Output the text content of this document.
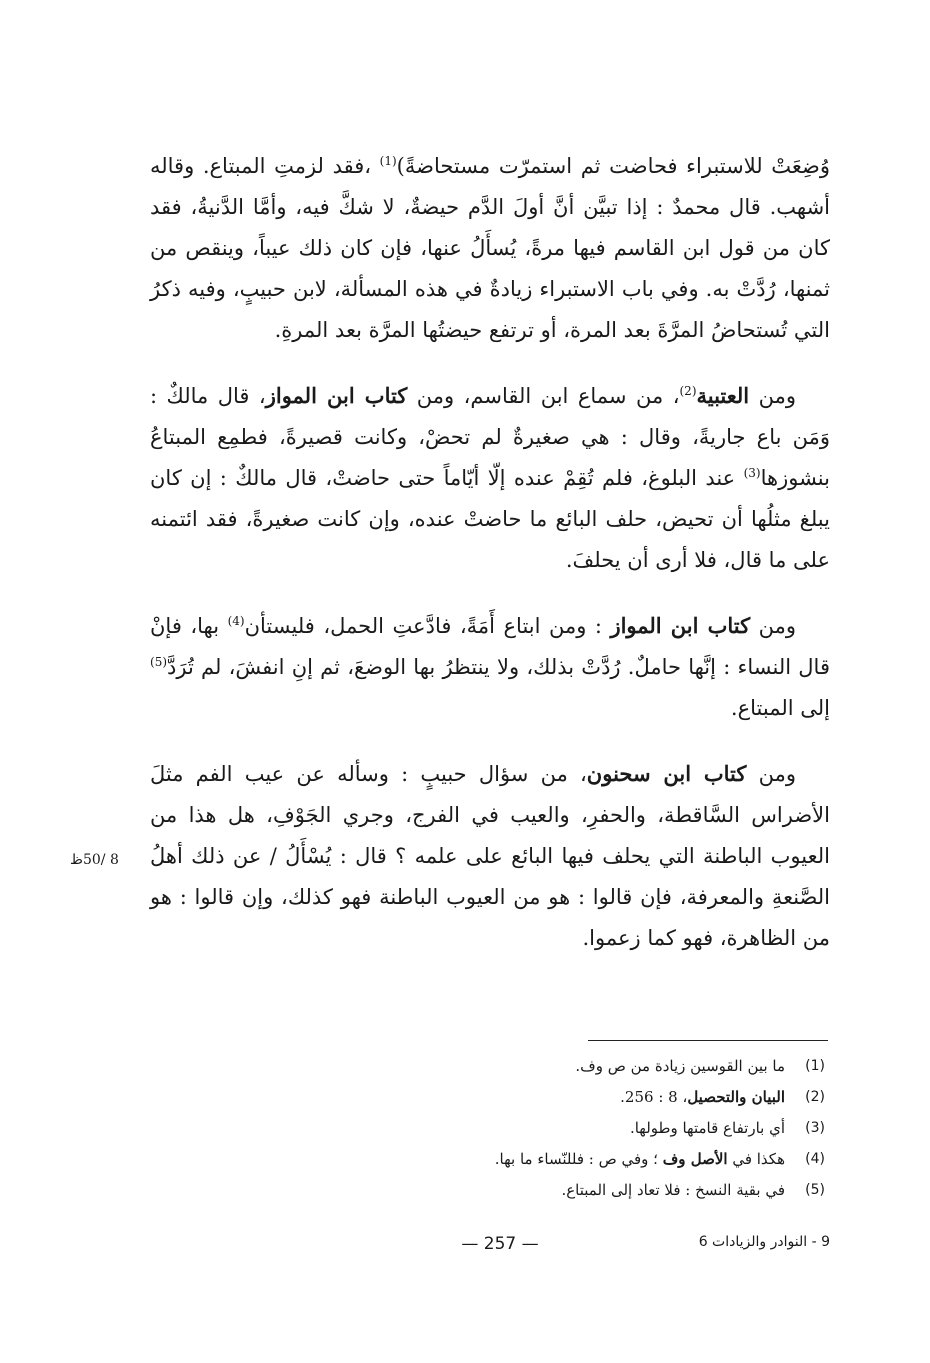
وُضِعَتْ للاستبراء فحاضت ثم استمرّت مستحاضةً)$^{(1)}$ ،فقد لزمتِ المبتاع. وقاله أشهب. قال محمدٌ : إذا تبيَّن أنَّ أولَ الدَّم حيضةٌ، لا شكَّ فيه، وأمَّا الدَّنيةُ، فقد كان من قول ابن القاسم فيها مرةً، يُسأَلُ عنها، فإن كان ذلك عيباً، وينقص من ثمنها، رُدَّتْ به. وفي باب الاستبراء زيادةٌ في هذه المسألة، لابن حبيبٍ، وفيه ذكرُ التي تُستحاضُ المرَّةَ بعد المرة، أو ترتفع حيضتُها المرَّة بعد المرةِ.

ومن العتبية$^{(2)}$، من سماع ابن القاسم، ومن كتاب ابن المواز، قال مالكٌ : وَمَن باع جاريةً، وقال : هي صغيرةٌ لم تحضْ، وكانت قصيرةً، فطمِع المبتاعُ بنشوزها$^{(3)}$ عند البلوغ، فلم تُقِمْ عنده إلّا أيّاماً حتى حاضتْ، قال مالكٌ : إن كان يبلغ مثلُها أن تحيض، حلف البائع ما حاضتْ عنده، وإن كانت صغيرةً، فقد ائتمنه على ما قال، فلا أرى أن يحلفَ.

ومن كتاب ابن المواز : ومن ابتاع أَمَةً، فادَّعتِ الحمل، فليستأن$^{(4)}$ بها، فإنْ قال النساء : إنَّها حاملٌ. رُدَّتْ بذلك، ولا ينتظرُ بها الوضعَ، ثم إنِ انفشَ، لم تُرَدَّ$^{(5)}$ إلى المبتاع.

ومن كتاب ابن سحنون، من سؤال حبيبٍ : وسأله عن عيب الفم مثلَ الأضراس السَّاقطة، والحفرِ، والعيب في الفرج، وجري الجَوْفِ، هل هذا من العيوب الباطنة التي يحلف فيها البائع على علمه ؟ قال : يُسْأَلُ / عن ذلك أهلُ الصَّنعةِ والمعرفة، فإن قالوا : هو من العيوب الباطنة فهو كذلك، وإن قالوا : هو من الظاهرة، فهو كما زعموا.

8 /50ظ
(1)
ما بين القوسين زيادة من ص وف.
(2)
البيان والتحصيل، 8 : 256.
(3)
أي بارتفاع قامتها وطولها.
(4)
هكذا في الأصل وف ؛ وفي ص : فللنّساء ما بها.
(5)
في بقية النسخ : فلا تعاد إلى المبتاع.
— 257 —	9 - النوادر والزيادات 6
